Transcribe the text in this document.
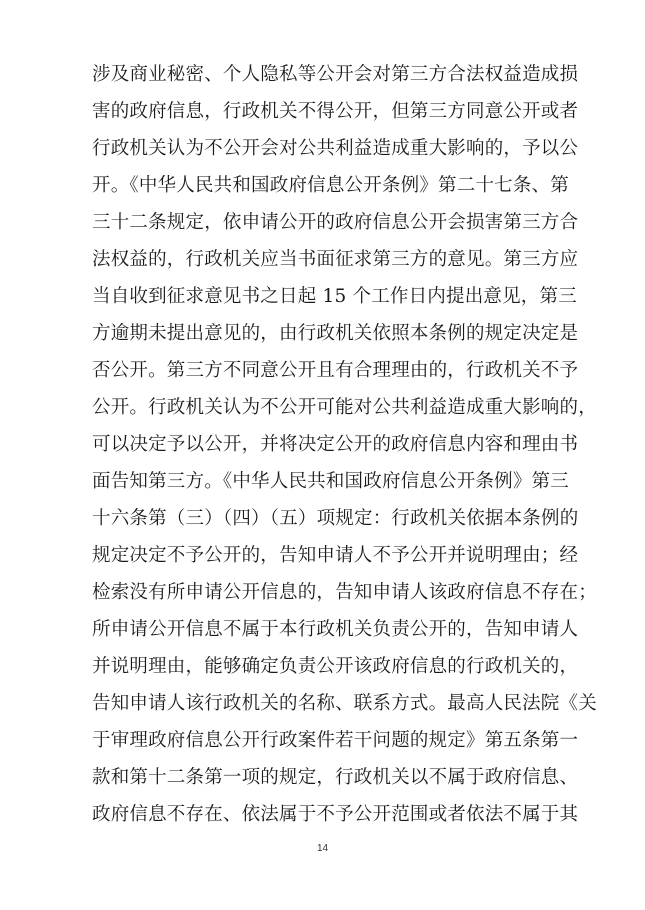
涉及商业秘密、个人隐私等公开会对第三方合法权益造成损
害的政府信息，行政机关不得公开，但第三方同意公开或者
行政机关认为不公开会对公共利益造成重大影响的，予以公
开。《中华人民共和国政府信息公开条例》第二十七条、第
三十二条规定，依申请公开的政府信息公开会损害第三方合
法权益的，行政机关应当书面征求第三方的意见。第三方应
当自收到征求意见书之日起 15 个工作日内提出意见，第三
方逾期未提出意见的，由行政机关依照本条例的规定决定是
否公开。第三方不同意公开且有合理理由的，行政机关不予
公开。行政机关认为不公开可能对公共利益造成重大影响的，
可以决定予以公开，并将决定公开的政府信息内容和理由书
面告知第三方。《中华人民共和国政府信息公开条例》第三
十六条第（三）（四）（五）项规定：行政机关依据本条例的
规定决定不予公开的，告知申请人不予公开并说明理由；经
检索没有所申请公开信息的，告知申请人该政府信息不存在；
所申请公开信息不属于本行政机关负责公开的，告知申请人
并说明理由，能够确定负责公开该政府信息的行政机关的，
告知申请人该行政机关的名称、联系方式。最高人民法院《关
于审理政府信息公开行政案件若干问题的规定》第五条第一
款和第十二条第一项的规定，行政机关以不属于政府信息、
政府信息不存在、依法属于不予公开范围或者依法不属于其
14
